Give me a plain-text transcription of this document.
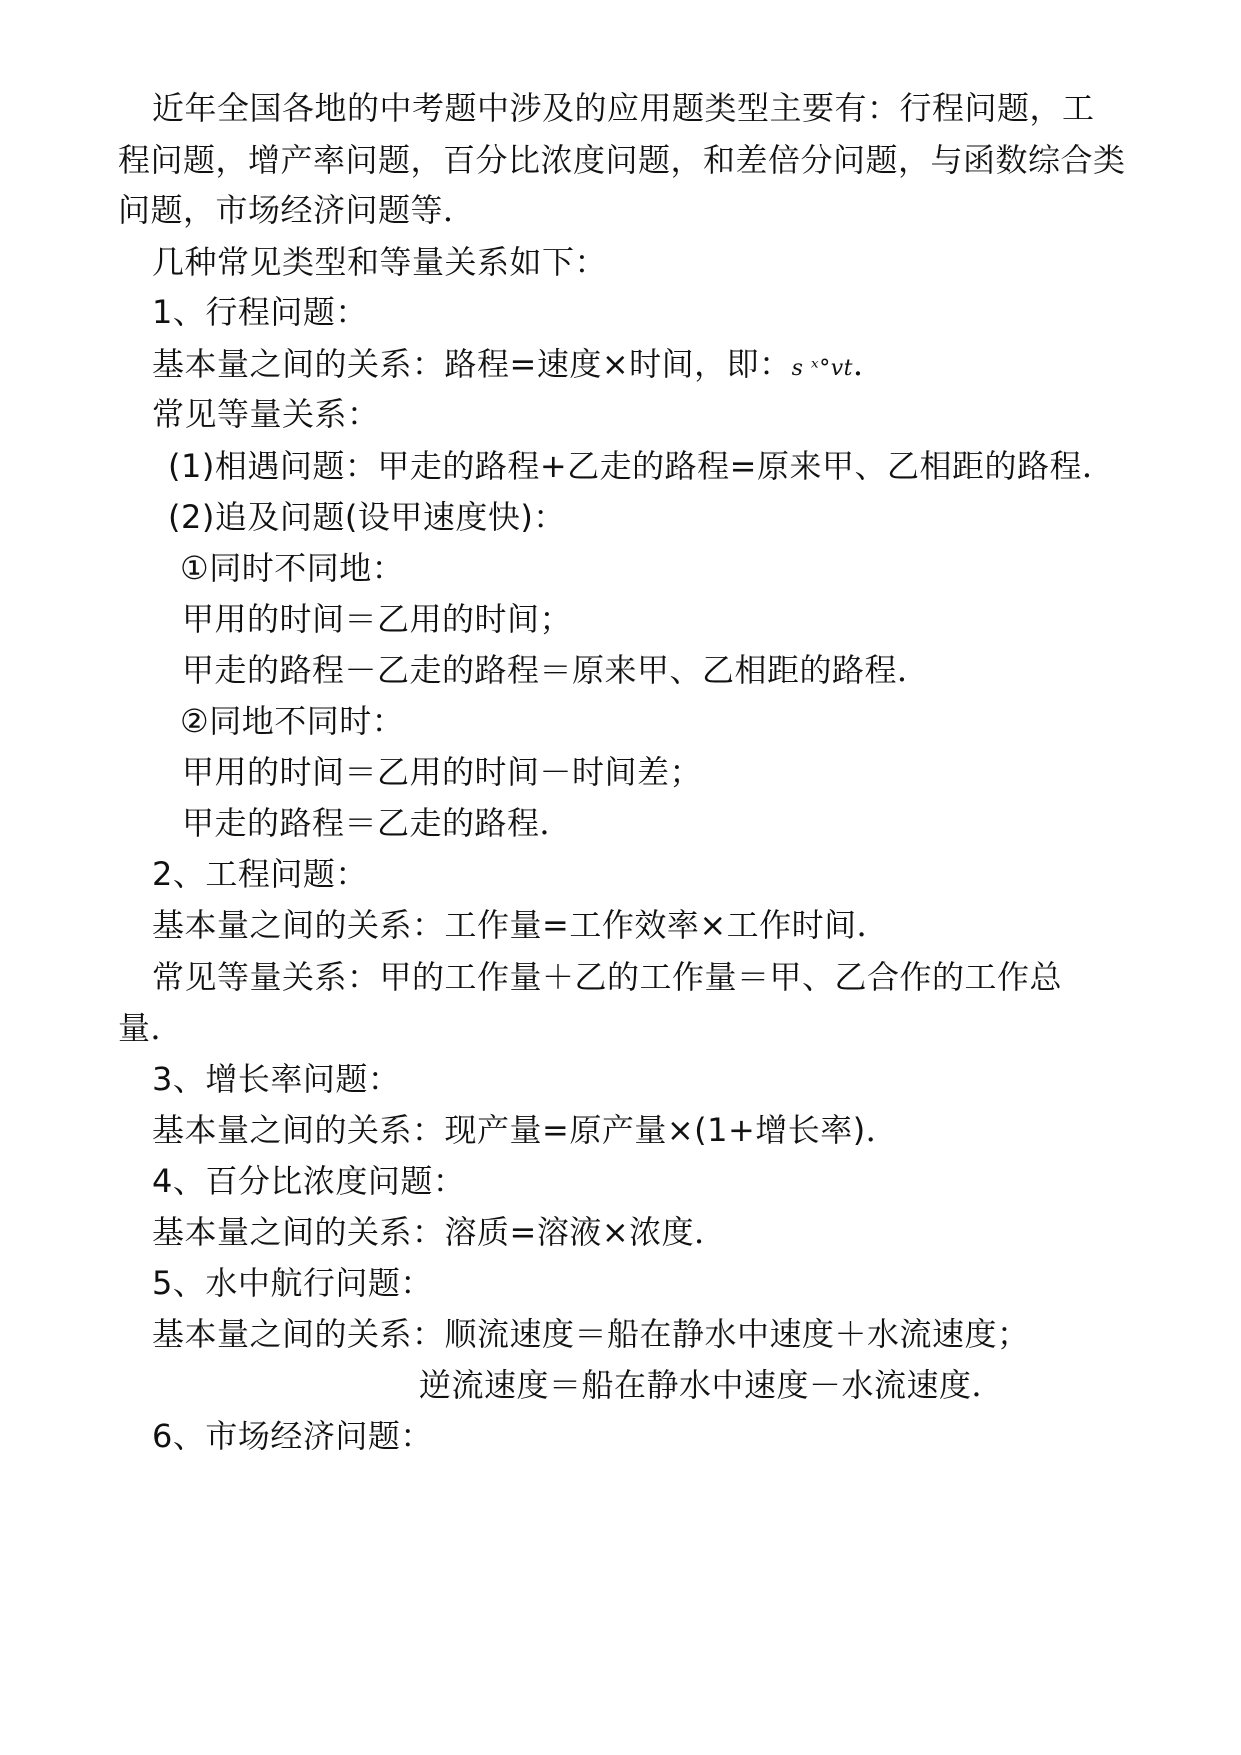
近年全国各地的中考题中涉及的应用题类型主要有：行程问题，工
程问题，增产率问题，百分比浓度问题，和差倍分问题，与函数综合类
问题，市场经济问题等．
几种常见类型和等量关系如下：
1、行程问题：
基本量之间的关系：路程=速度×时间，即：s ˣ°vt．
常见等量关系：
(1)相遇问题：甲走的路程+乙走的路程=原来甲、乙相距的路程．
(2)追及问题(设甲速度快)：
①同时不同地：
甲用的时间＝乙用的时间；
甲走的路程－乙走的路程＝原来甲、乙相距的路程．
②同地不同时：
甲用的时间＝乙用的时间－时间差；
甲走的路程＝乙走的路程．
2、工程问题：
基本量之间的关系：工作量=工作效率×工作时间．
常见等量关系：甲的工作量＋乙的工作量＝甲、乙合作的工作总
量．
3、增长率问题：
基本量之间的关系：现产量=原产量×(1+增长率)．
4、百分比浓度问题：
基本量之间的关系：溶质=溶液×浓度．
5、水中航行问题：
基本量之间的关系：顺流速度＝船在静水中速度＋水流速度；
逆流速度＝船在静水中速度－水流速度．
6、市场经济问题：
